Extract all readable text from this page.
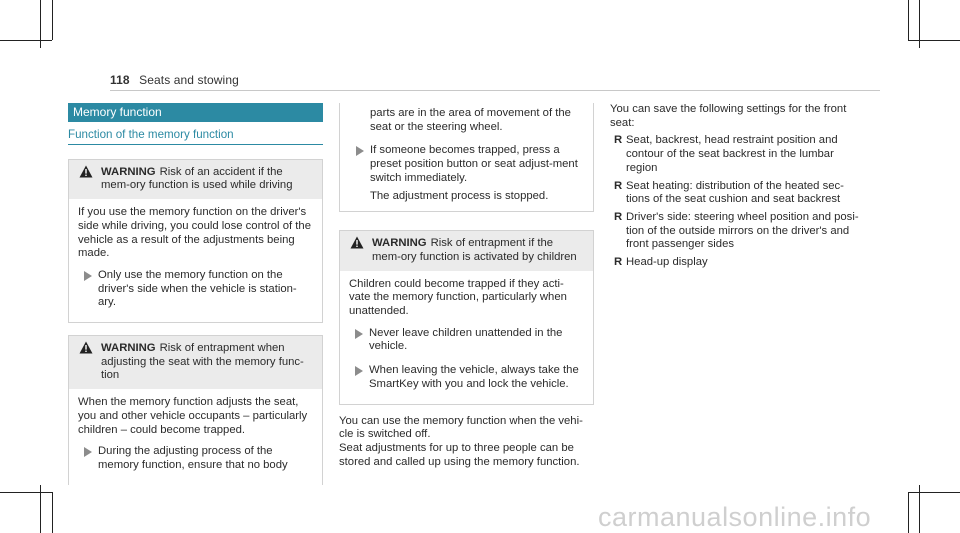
118 Seats and stowing
Memory function
Function of the memory function
WARNING Risk of an accident if the mem-ory function is used while driving

If you use the memory function on the driver's side while driving, you could lose control of the vehicle as a result of the adjustments being made.

Only use the memory function on the driver's side when the vehicle is station-ary.
WARNING Risk of entrapment when adjusting the seat with the memory func-tion

When the memory function adjusts the seat, you and other vehicle occupants – particularly children – could become trapped.

During the adjusting process of the memory function, ensure that no body
parts are in the area of movement of the seat or the steering wheel.
If someone becomes trapped, press a preset position button or seat adjust-ment switch immediately.
The adjustment process is stopped.
WARNING Risk of entrapment if the mem-ory function is activated by children

Children could become trapped if they acti-vate the memory function, particularly when unattended.

Never leave children unattended in the vehicle.
When leaving the vehicle, always take the SmartKey with you and lock the vehicle.

You can use the memory function when the vehi-cle is switched off.

Seat adjustments for up to three people can be stored and called up using the memory function.

You can save the following settings for the front seat:
R Seat, backrest, head restraint position and contour of the seat backrest in the lumbar region
R Seat heating: distribution of the heated sec-tions of the seat cushion and seat backrest
R Driver's side: steering wheel position and posi-tion of the outside mirrors on the driver's and front passenger sides
R Head-up display
carmanualsonline.info
